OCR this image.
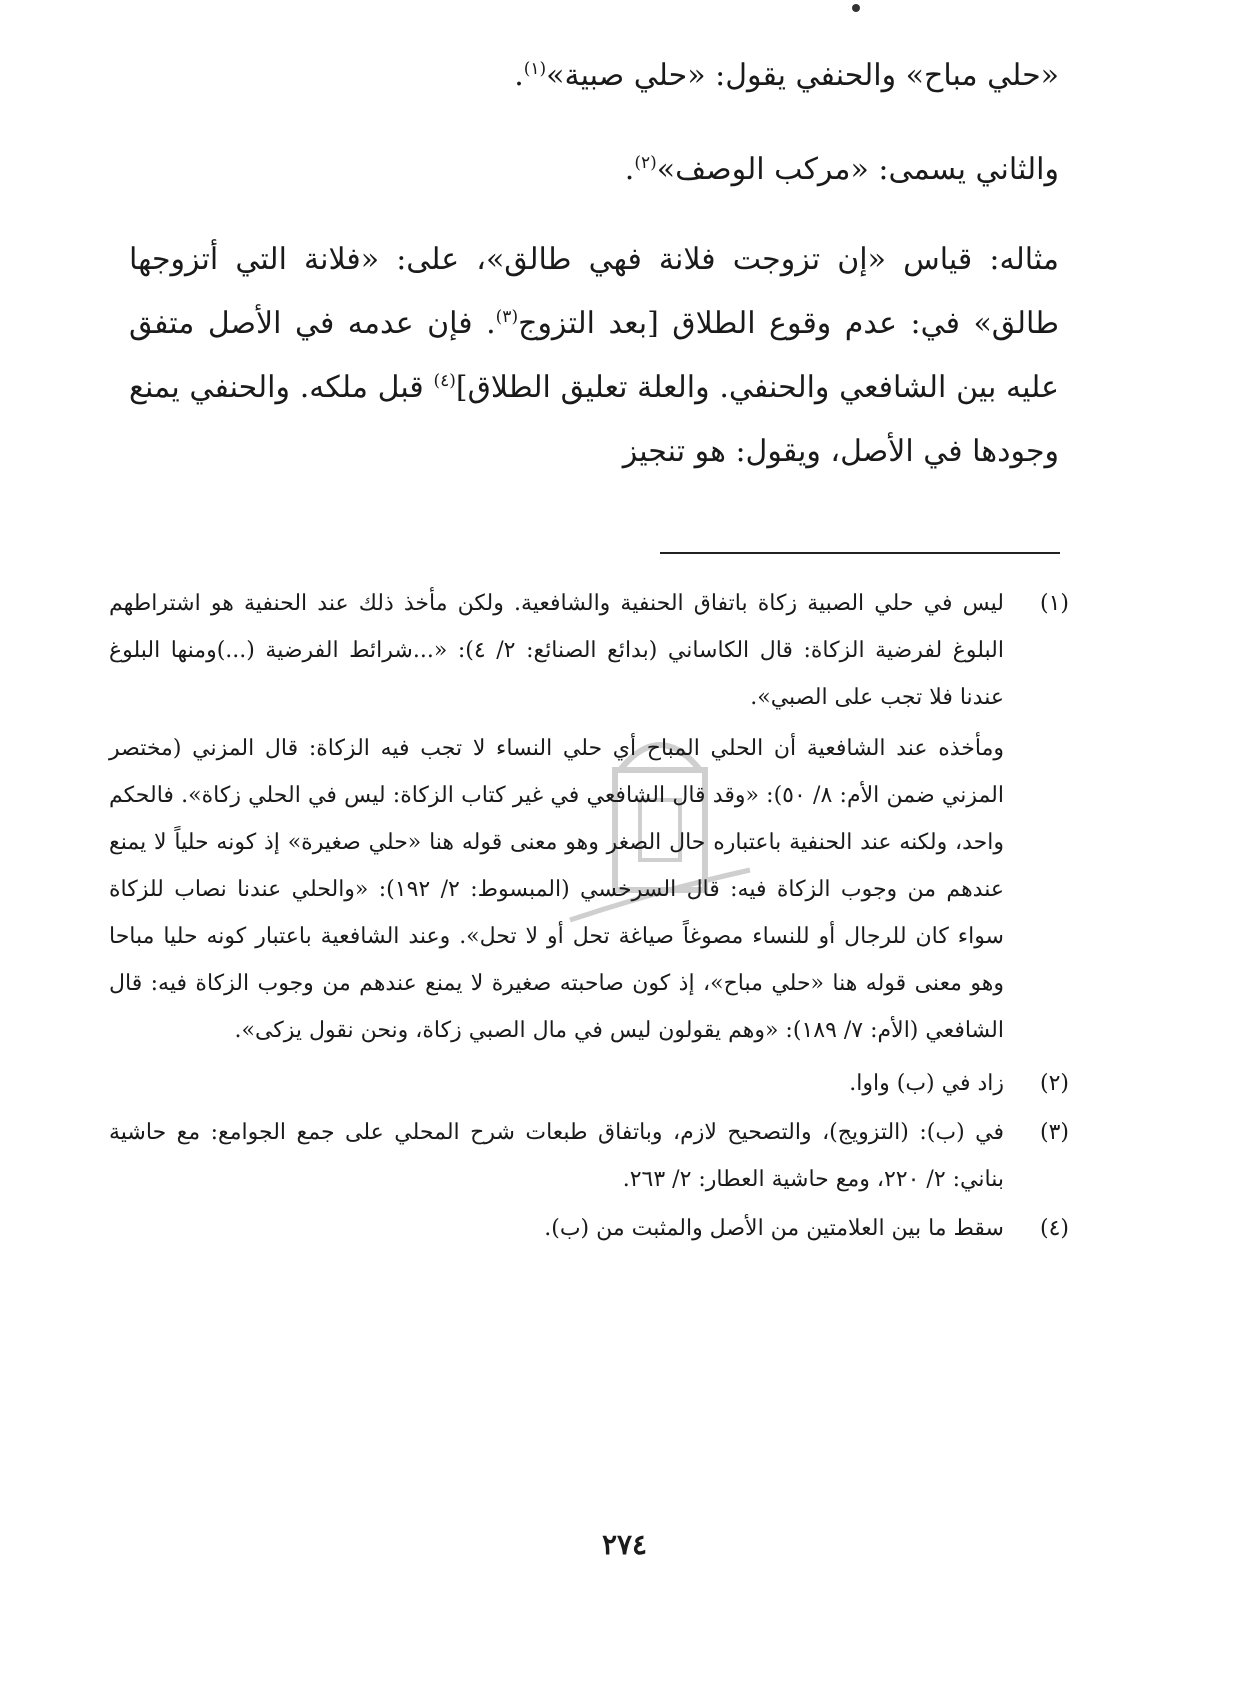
«حلي مباح» والحنفي يقول: «حلي صبية»$^{(١)}$.

والثاني يسمى: «مركب الوصف»$^{(٢)}$.

مثاله: قياس «إن تزوجت فلانة فهي طالق»، على: «فلانة التي أتزوجها طالق» في: عدم وقوع الطلاق [بعد التزوج$^{(٣)}$. فإن عدمه في الأصل متفق عليه بين الشافعي والحنفي. والعلة تعليق الطلاق]$^{(٤)}$ قبل ملكه. والحنفي يمنع وجودها في الأصل، ويقول: هو تنجيز

(١)
ليس في حلي الصبية زكاة باتفاق الحنفية والشافعية. ولكن مأخذ ذلك عند الحنفية هو اشتراطهم البلوغ لفرضية الزكاة: قال الكاساني (بدائع الصنائع: ٢/ ٤): «...شرائط الفرضية (...)ومنها البلوغ عندنا فلا تجب على الصبي».
ومأخذه عند الشافعية أن الحلي المباح أي حلي النساء لا تجب فيه الزكاة: قال المزني (مختصر المزني ضمن الأم: ٨/ ٥٠): «وقد قال الشافعي في غير كتاب الزكاة: ليس في الحلي زكاة». فالحكم واحد، ولكنه عند الحنفية باعتباره حال الصغر وهو معنى قوله هنا «حلي صغيرة» إذ كونه حلياً لا يمنع عندهم من وجوب الزكاة فيه: قال السرخسي (المبسوط: ٢/ ١٩٢): «والحلي عندنا نصاب للزكاة سواء كان للرجال أو للنساء مصوغاً صياغة تحل أو لا تحل». وعند الشافعية باعتبار كونه حليا مباحا وهو معنى قوله هنا «حلي مباح»، إذ كون صاحبته صغيرة لا يمنع عندهم من وجوب الزكاة فيه: قال الشافعي (الأم: ٧/ ١٨٩): «وهم يقولون ليس في مال الصبي زكاة، ونحن نقول يزكى».
(٢)
زاد في (ب) واوا.
(٣)
في (ب): (التزويج)، والتصحيح لازم، وباتفاق طبعات شرح المحلي على جمع الجوامع: مع حاشية بناني: ٢/ ٢٢٠، ومع حاشية العطار: ٢/ ٢٦٣.
(٤)
سقط ما بين العلامتين من الأصل والمثبت من (ب).
٢٧٤
